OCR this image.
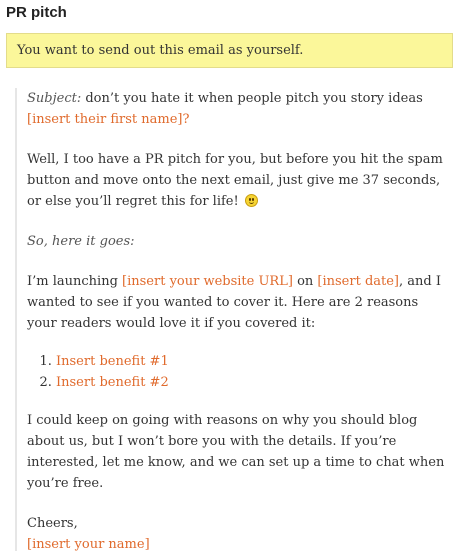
PR pitch
You want to send out this email as yourself.

Subject: don’t you hate it when people pitch you story ideas [insert their first name]?

Well, I too have a PR pitch for you, but before you hit the spam button and move onto the next email, just give me 37 seconds, or else you’ll regret this for life!

So, here it goes:

I’m launching [insert your website URL] on [insert date], and I wanted to see if you wanted to cover it. Here are 2 reasons your readers would love it if you covered it:

1. Insert benefit #1
2. Insert benefit #2

I could keep on going with reasons on why you should blog about us, but I won’t bore you with the details. If you’re interested, let me know, and we can set up a time to chat when you’re free.

Cheers,
[insert your name]
